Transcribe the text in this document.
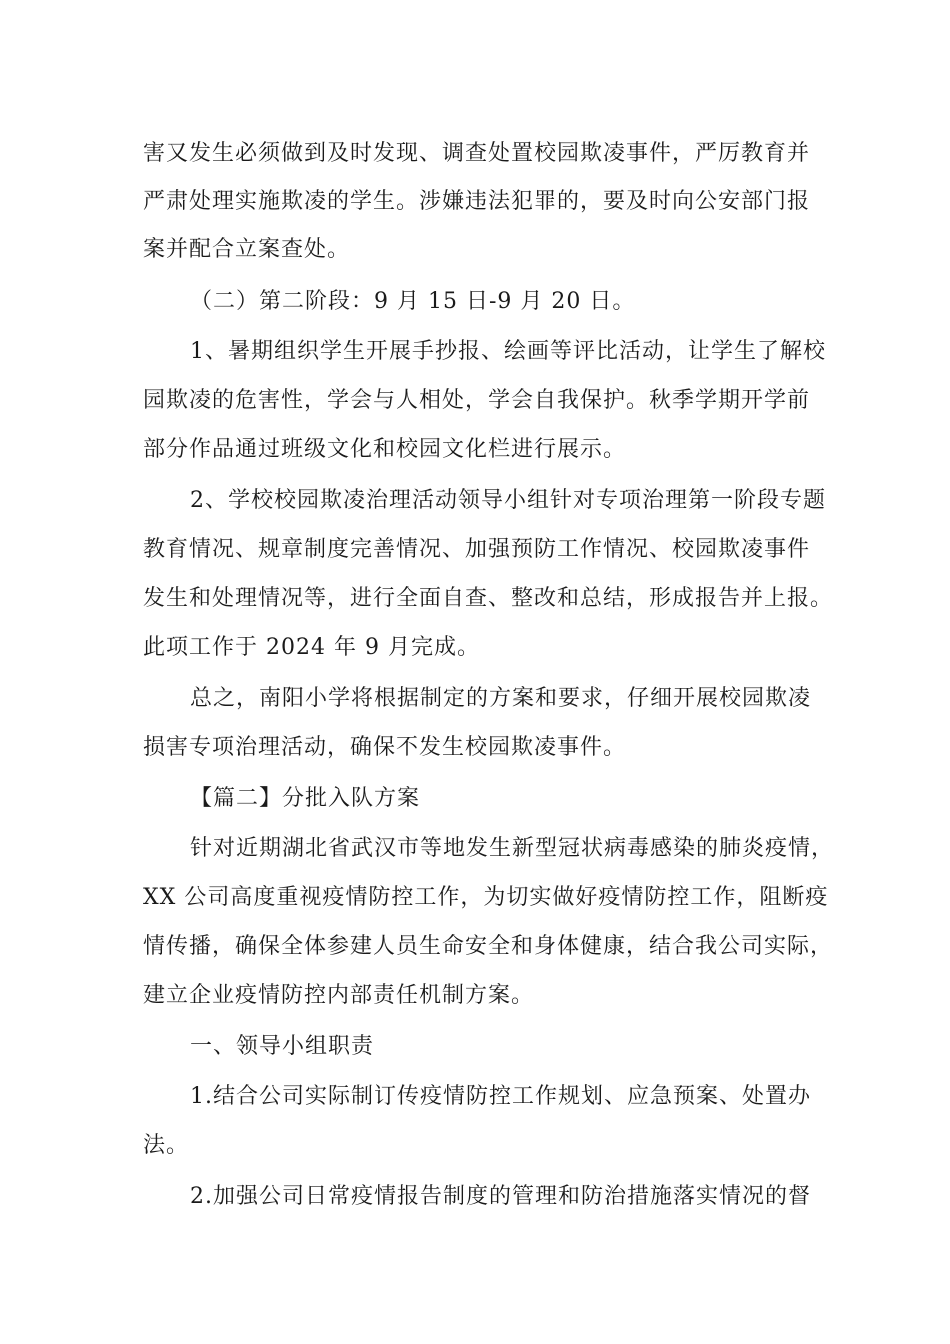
害又发生必须做到及时发现、调查处置校园欺凌事件，严厉教育并
严肃处理实施欺凌的学生。涉嫌违法犯罪的，要及时向公安部门报
案并配合立案查处。
（二）第二阶段：9 月 15 日-9 月 20 日。
1、暑期组织学生开展手抄报、绘画等评比活动，让学生了解校
园欺凌的危害性，学会与人相处，学会自我保护。秋季学期开学前
部分作品通过班级文化和校园文化栏进行展示。
2、学校校园欺凌治理活动领导小组针对专项治理第一阶段专题
教育情况、规章制度完善情况、加强预防工作情况、校园欺凌事件
发生和处理情况等，进行全面自查、整改和总结，形成报告并上报。
此项工作于 2024 年 9 月完成。
总之，南阳小学将根据制定的方案和要求，仔细开展校园欺凌
损害专项治理活动，确保不发生校园欺凌事件。
【篇二】分批入队方案
针对近期湖北省武汉市等地发生新型冠状病毒感染的肺炎疫情，
XX 公司高度重视疫情防控工作，为切实做好疫情防控工作，阻断疫
情传播，确保全体参建人员生命安全和身体健康，结合我公司实际，
建立企业疫情防控内部责任机制方案。
一、领导小组职责
1.结合公司实际制订传疫情防控工作规划、应急预案、处置办
法。
2.加强公司日常疫情报告制度的管理和防治措施落实情况的督
